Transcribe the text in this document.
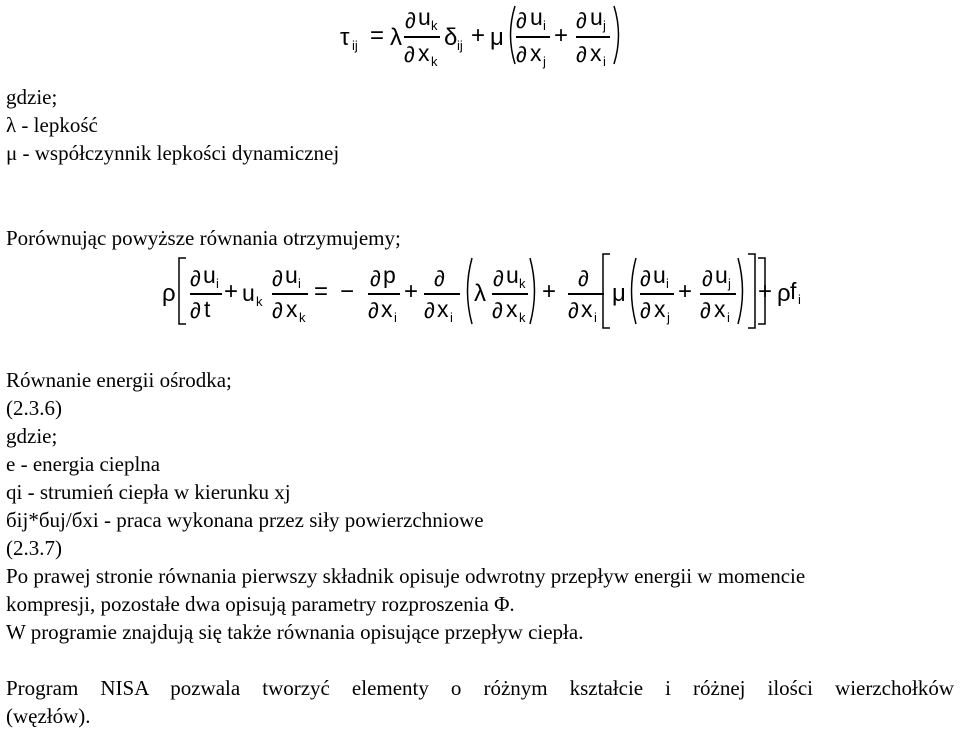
τ ij = λ
∂ u k
∂ x k
δ ij + μ
∂ u i
∂ x j
+
∂ u j
∂ x i
gdzie;
λ - lepkość
μ - współczynnik lepkości dynamicznej
Porównując powyższe równania otrzymujemy;
ρ
∂ u i
∂ t
+ u k
∂ u i
∂ x k
= − ∂ p
∂ x i
+ ∂
∂ x i
λ
∂ u k
∂ x k
+ ∂
∂ x i
μ
∂ u i
∂ x j
+ ∂ u j
∂ x i
+ ρ f i
Równanie energii ośrodka;
(2.3.6)
gdzie;
e - energia cieplna
qi - strumień ciepła w kierunku xj
бij*бuj/бxi - praca wykonana przez siły powierzchniowe
(2.3.7)
Po prawej stronie równania pierwszy składnik opisuje odwrotny przepływ energii w momencie
kompresji, pozostałe dwa opisują parametry rozproszenia Φ.
W programie znajdują się także równania opisujące przepływ ciepła.
Program NISA pozwala tworzyć elementy o różnym kształcie i różnej ilości wierzchołków
(węzłów).
